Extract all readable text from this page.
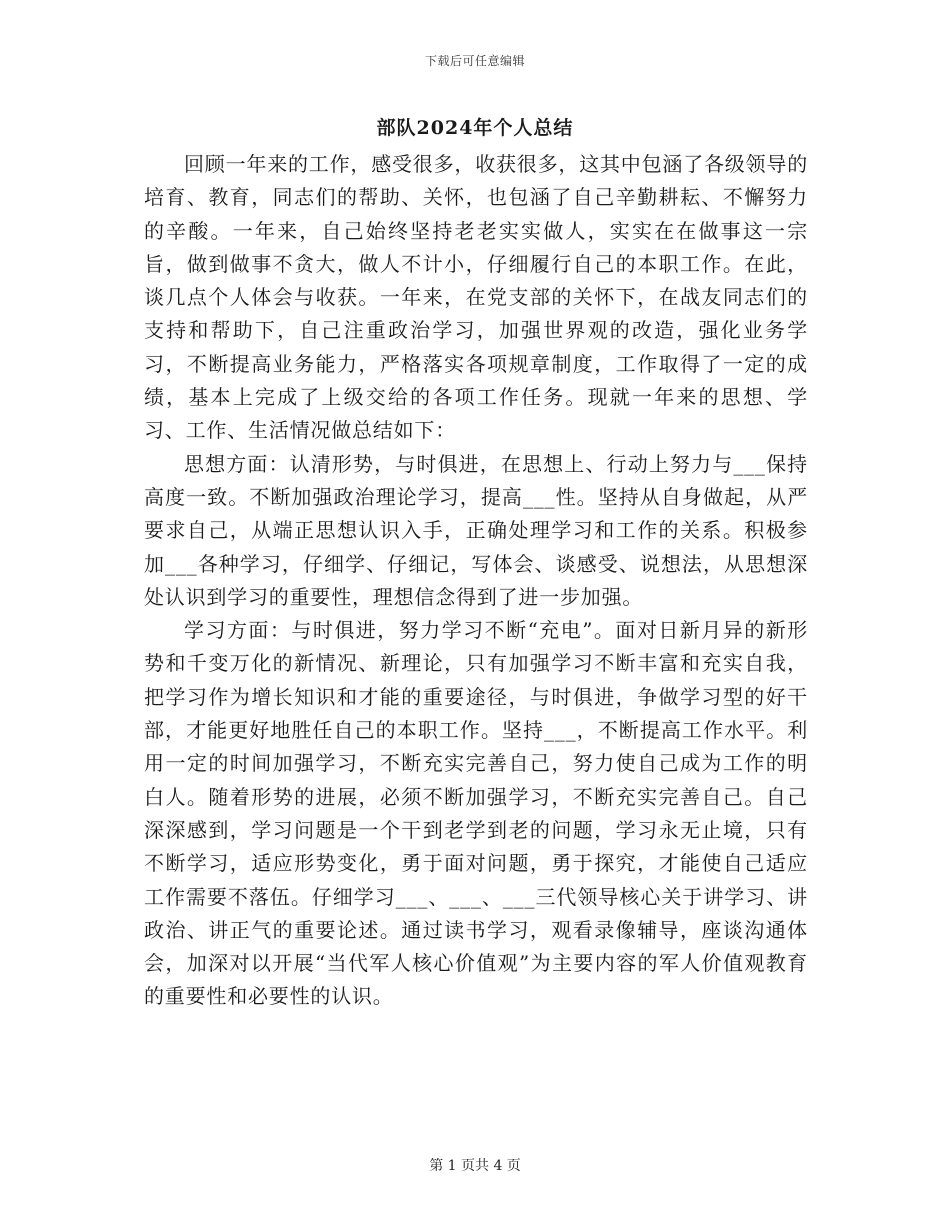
下载后可任意编辑
部队2024年个人总结

回顾一年来的工作，感受很多，收获很多，这其中包涵了各级领导的培育、教育，同志们的帮助、关怀，也包涵了自己辛勤耕耘、不懈努力的辛酸。一年来，自己始终坚持老老实实做人，实实在在做事这一宗旨，做到做事不贪大，做人不计小，仔细履行自己的本职工作。在此，谈几点个人体会与收获。一年来，在党支部的关怀下，在战友同志们的支持和帮助下，自己注重政治学习，加强世界观的改造，强化业务学习，不断提高业务能力，严格落实各项规章制度，工作取得了一定的成绩，基本上完成了上级交给的各项工作任务。现就一年来的思想、学习、工作、生活情况做总结如下：

思想方面：认清形势，与时俱进，在思想上、行动上努力与___保持高度一致。不断加强政治理论学习，提高___性。坚持从自身做起，从严要求自己，从端正思想认识入手，正确处理学习和工作的关系。积极参加___各种学习，仔细学、仔细记，写体会、谈感受、说想法，从思想深处认识到学习的重要性，理想信念得到了进一步加强。

学习方面：与时俱进，努力学习不断“充电”。面对日新月异的新形势和千变万化的新情况、新理论，只有加强学习不断丰富和充实自我，把学习作为增长知识和才能的重要途径，与时俱进，争做学习型的好干部，才能更好地胜任自己的本职工作。坚持___，不断提高工作水平。利用一定的时间加强学习，不断充实完善自己，努力使自己成为工作的明白人。随着形势的进展，必须不断加强学习，不断充实完善自己。自己深深感到，学习问题是一个干到老学到老的问题，学习永无止境，只有不断学习，适应形势变化，勇于面对问题，勇于探究，才能使自己适应工作需要不落伍。仔细学习___、___、___三代领导核心关于讲学习、讲政治、讲正气的重要论述。通过读书学习，观看录像辅导，座谈沟通体会，加深对以开展“当代军人核心价值观”为主要内容的军人价值观教育的重要性和必要性的认识。

第 1 页共 4 页
